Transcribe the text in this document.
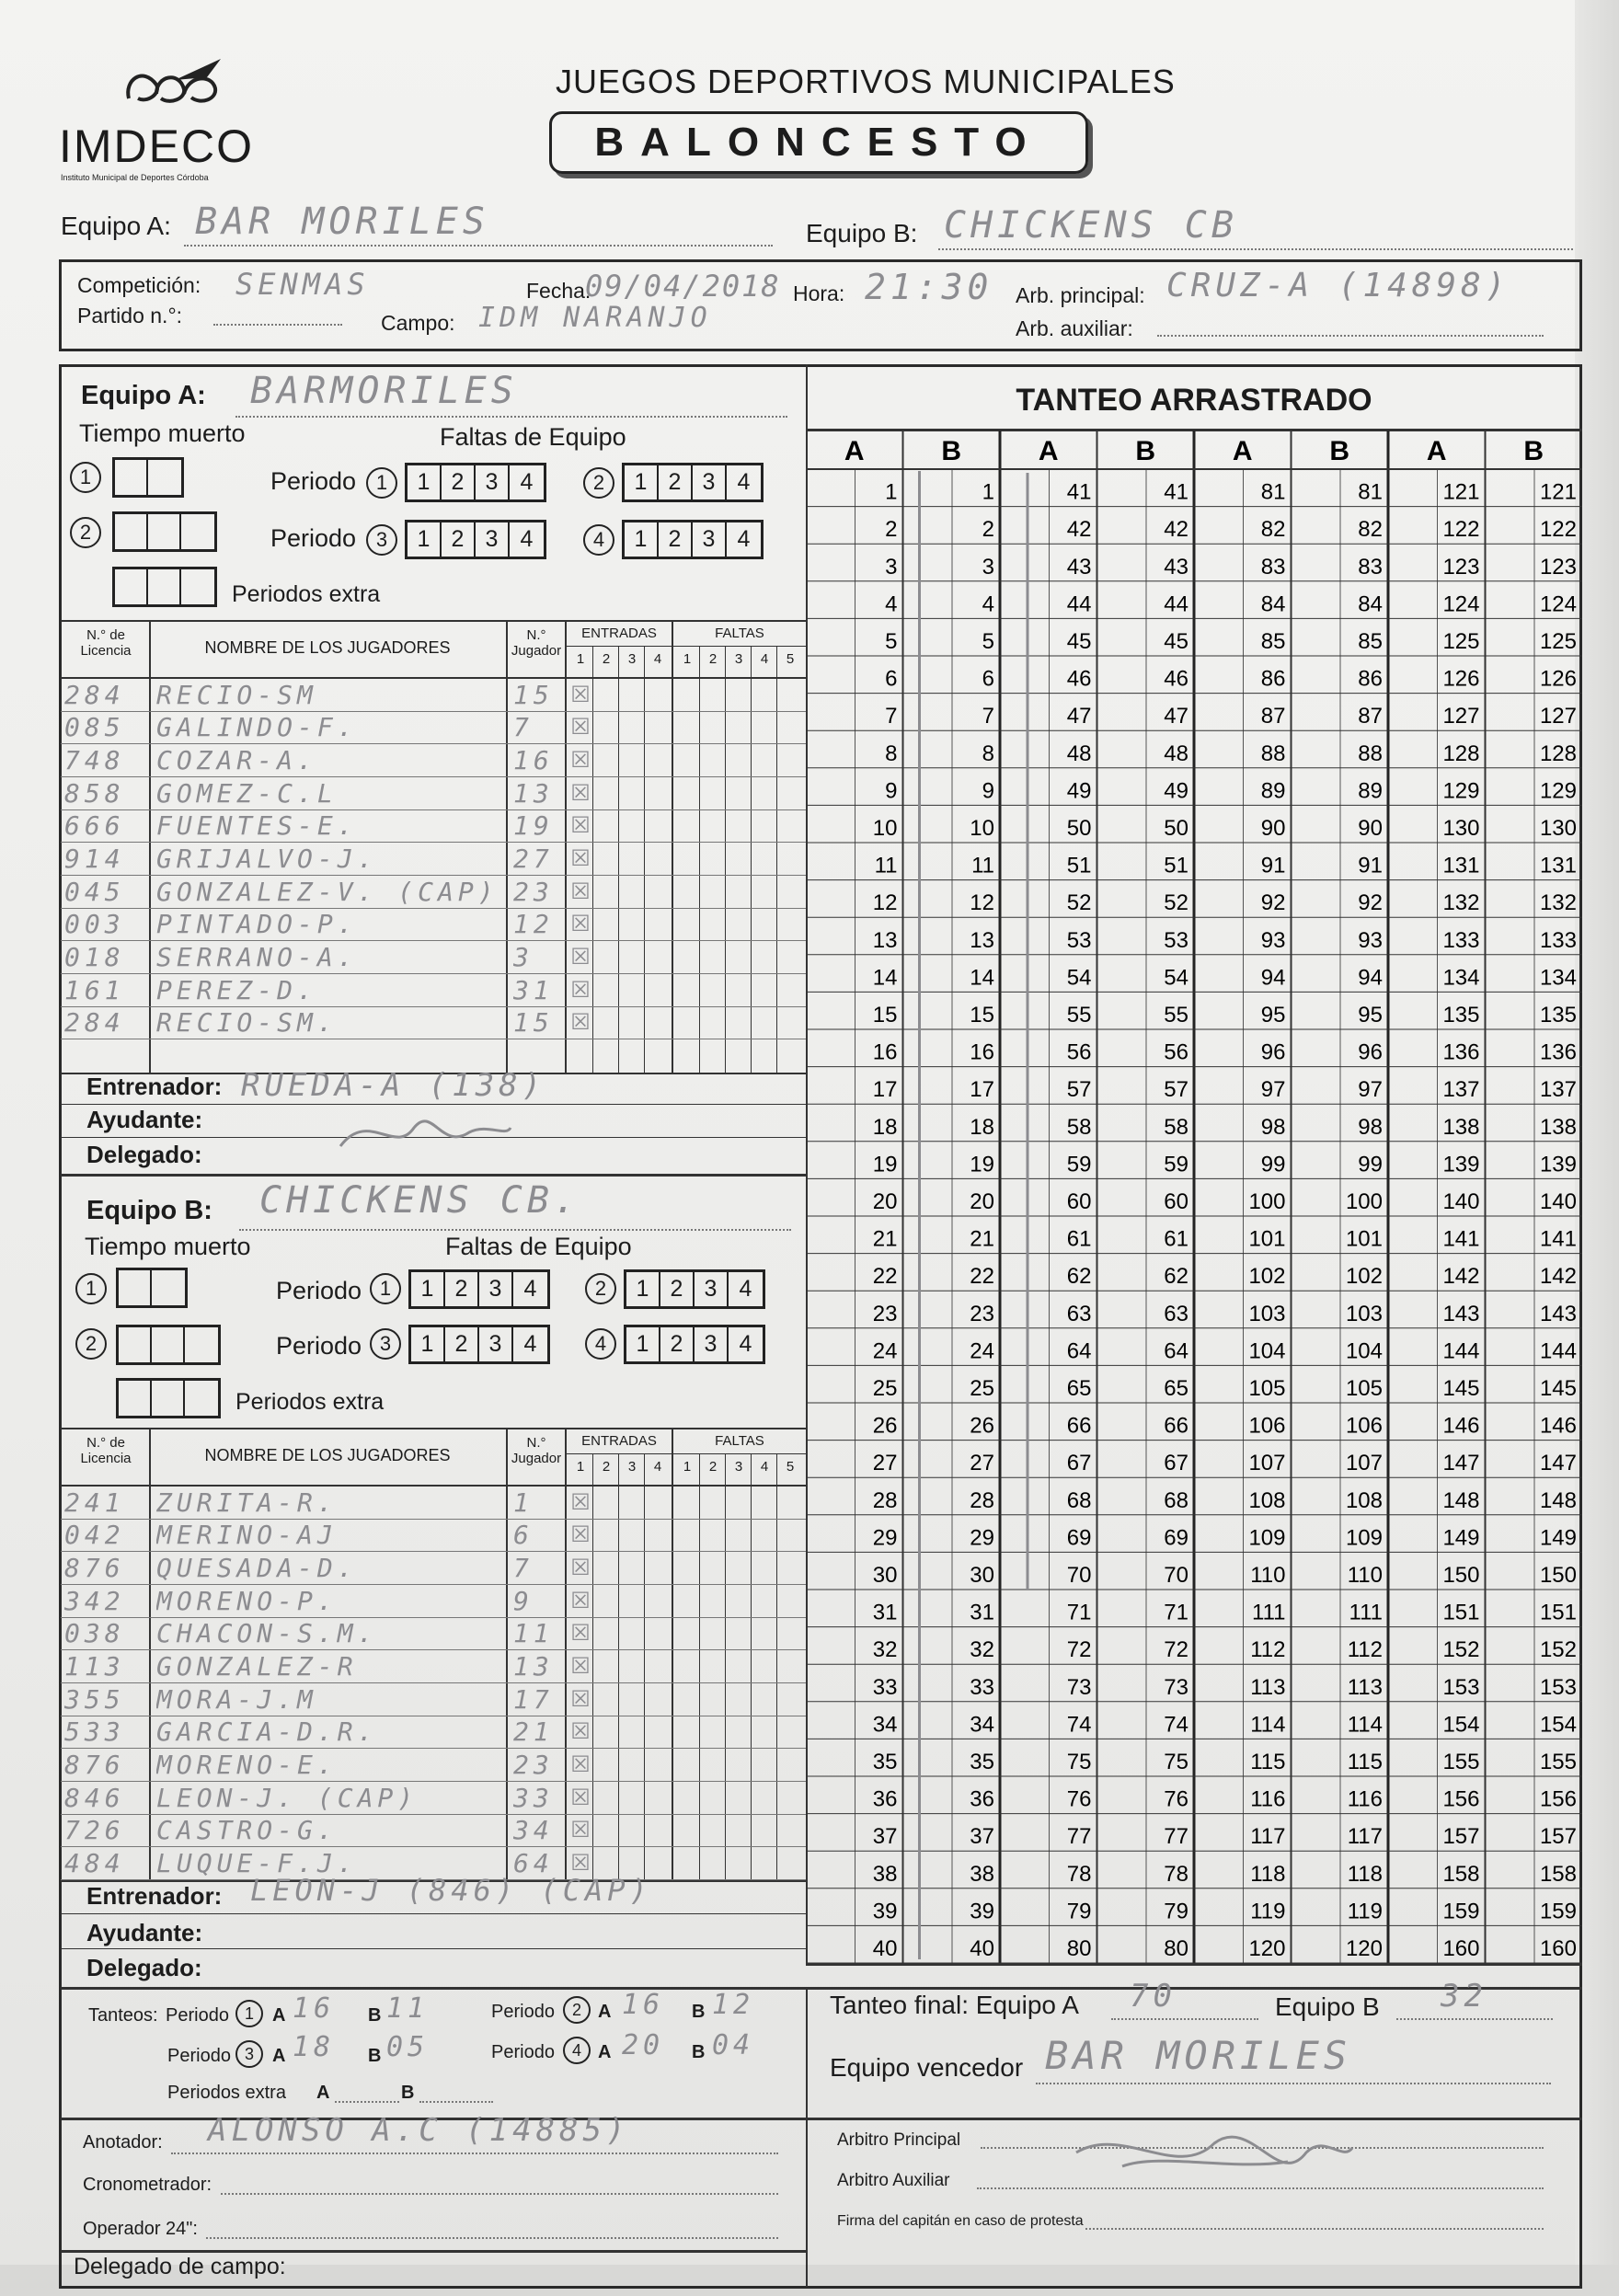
IMDECO
Instituto Municipal de Deportes Córdoba
JUEGOS DEPORTIVOS MUNICIPALES
BALONCESTO
Equipo A: BAR MORILES	Equipo B: CHICKENS CB
Competición: SENMAS
Partido n.°:
Fecha:
09/04/2018
Campo: IDM NARANJO
Hora: 21:30 Arb. principal: CRUZ-A (14898)
Arb. auxiliar:
Equipo A: BARMORILES
Tiempo muerto	Faltas de Equipo
1
2
Periodos extra
Periodo 1	1 2 3 4	2	1 2 3 4
Periodo 3	1 2 3 4	4	1 2 3 4
N.° de Licencia	NOMBRE DE LOS JUGADORES
N.° Jugador
ENTRADAS	FALTAS
1	2	3	4	1	2	3	4	5
284	RECIO-SM	15 ☒
085	GALINDO-F.	7	☒
748	COZAR-A.	16 ☒
858	GOMEZ-C.L	13 ☒
666	FUENTES-E.	19 ☒
914	GRIJALVO-J.	27 ☒
045	GONZALEZ-V. (CAP) 23 ☒
003	PINTADO-P.	12 ☒
018	SERRANO-A.	3	☒
161	PEREZ-D.	31 ☒
284	RECIO-SM.	15 ☒
Entrenador: RUEDA-A (138)
Ayudante:
Delegado:
Equipo B: CHICKENS CB.
Tiempo muerto	Faltas de Equipo
1
2
Periodos extra
Periodo 1	1 2 3 4	2	1 2 3 4
Periodo 3	1 2 3 4	4	1 2 3 4
N.° de Licencia	NOMBRE DE LOS JUGADORES
N.° Jugador
ENTRADAS	FALTAS
1	2	3	4	1	2	3	4	5
241	ZURITA-R.	1	☒
042	MERINO-AJ	6	☒
876	QUESADA-D.	7	☒
342	MORENO-P.	9	☒
038	CHACON-S.M.	11 ☒
113	GONZALEZ-R	13 ☒
355	MORA-J.M	17 ☒
533	GARCIA-D.R.	21 ☒
876	MORENO-E.	23 ☒
846	LEON-J. (CAP)	33 ☒
726	CASTRO-G.	34 ☒
484	LUQUE-F.J.	64 ☒
Entrenador: LEON-J (846) (CAP)
Ayudante:
Delegado:
Tanteos: Periodo 1	A 16 B 11	Periodo	2 A 16 B 12
Periodo 3	A 18 B 05	Periodo	4 A 20 B 04
Periodos extra A	B
Anotador: ALONSO A.C (14885)
Cronometrador:
Operador 24":
Delegado de campo:
Arbitro Principal
Arbitro Auxiliar
Firma del capitán en caso de protesta
TANTEO ARRASTRADO
A	B
1	1
2	2
3	3
4	4
5	5
6	6
7	7
8	8
9	9
10	10
11	11
12	12
13	13
14	14
15	15
16	16
17	17
18	18
19	19
20	20
21	21
22	22
23	23
24	24
25	25
26	26
27	27
28	28
29	29
30	30
31	31
32	32
33	33
34	34
35	35
36	36
37	37
38	38
39	39
40	40
A	B
41	41
42	42
43	43
44	44
45	45
46	46
47	47
48	48
49	49
50	50
51	51
52	52
53	53
54	54
55	55
56	56
57	57
58	58
59	59
60	60
61	61
62	62
63	63
64	64
65	65
66	66
67	67
68	68
69	69
70	70
71	71
72	72
73	73
74	74
75	75
76	76
77	77
78	78
79	79
80	80
A	B
81	81
82	82
83	83
84	84
85	85
86	86
87	87
88	88
89	89
90	90
91	91
92	92
93	93
94	94
95	95
96	96
97	97
98	98
99	99
100	100
101	101
102	102
103	103
104	104
105	105
106	106
107	107
108	108
109	109
110	110
111	111
112	112
113	113
114	114
115	115
116	116
117	117
118	118
119	119
120	120
A	B
121	121
122	122
123	123
124	124
125	125
126	126
127	127
128	128
129	129
130	130
131	131
132	132
133	133
134	134
135	135
136	136
137	137
138	138
139	139
140	140
141	141
142	142
143	143
144	144
145	145
146	146
147	147
148	148
149	149
150	150
151	151
152	152
153	153
154	154
155	155
156	156
157	157
158	158
159	159
160	160
Tanteo final: Equipo A 70	Equipo B 32
Equipo vencedor BAR MORILES
